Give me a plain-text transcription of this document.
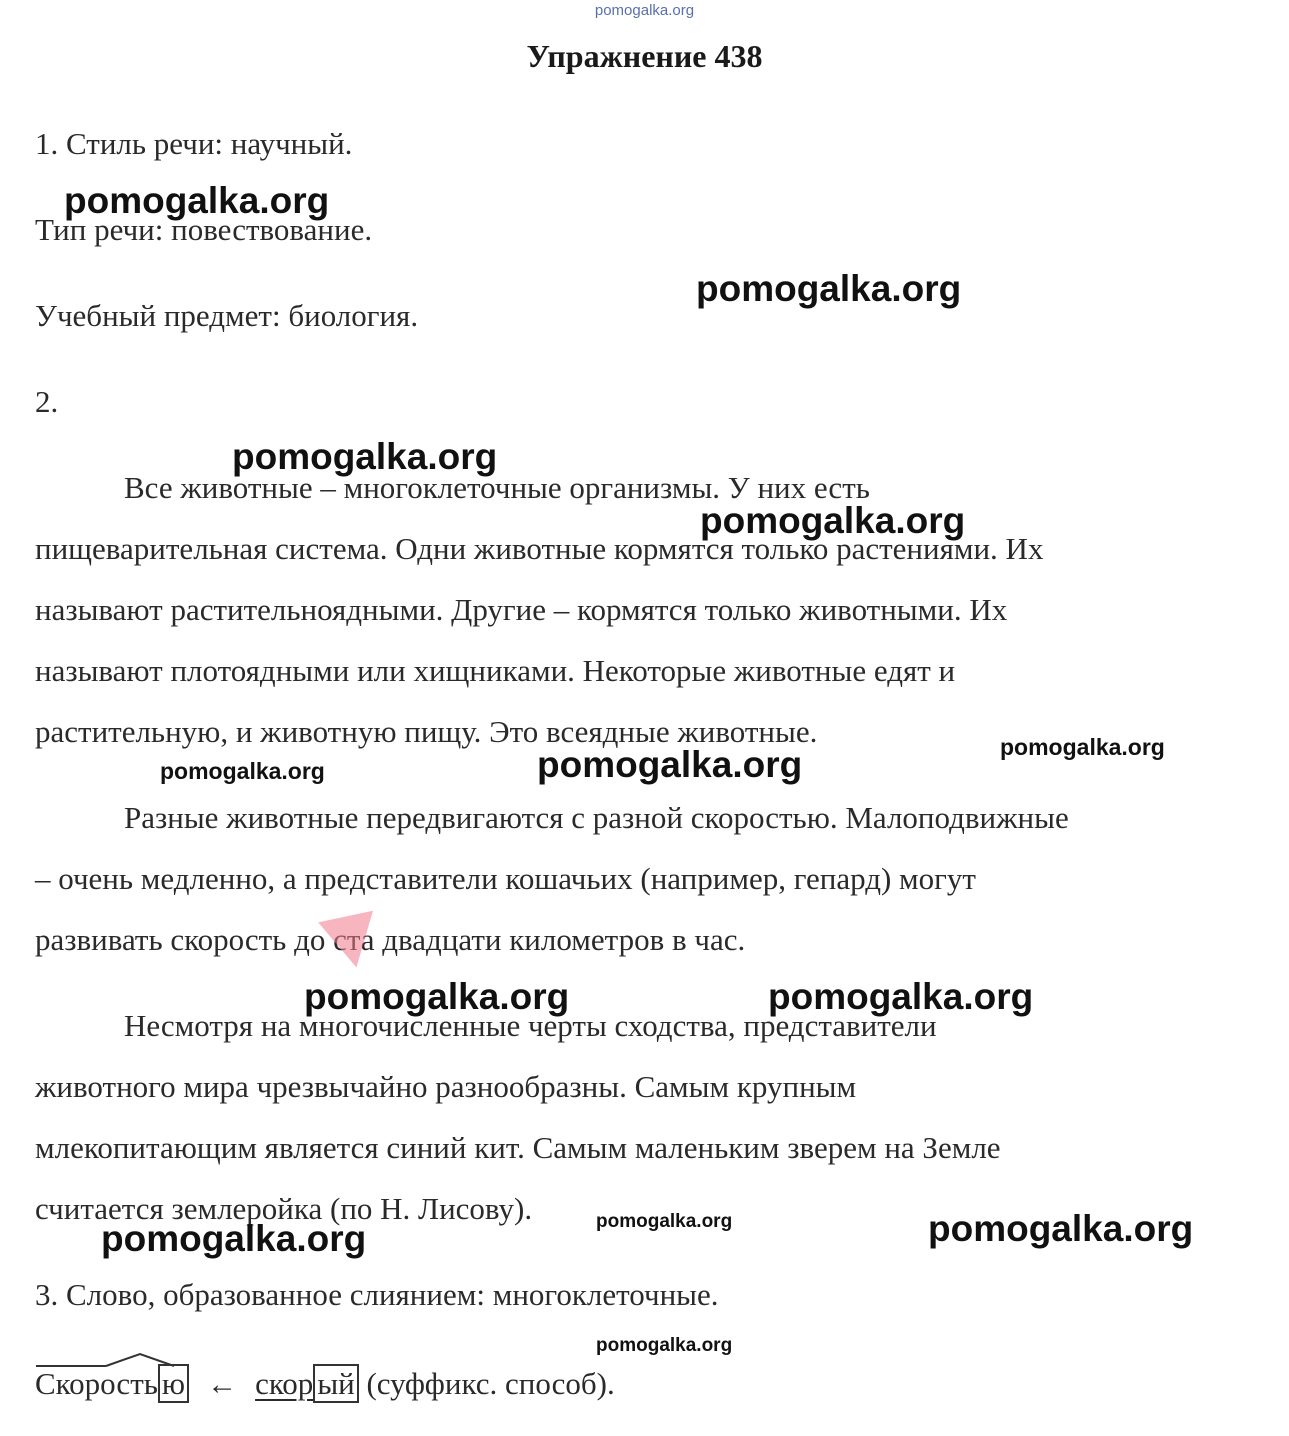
pomogalka.org
Упражнение 438
1. Стиль речи: научный.
Тип речи: повествование.
Учебный предмет: биология.
2.
Все животные – многоклеточные организмы. У них есть
пищеварительная система. Одни животные кормятся только растениями. Их
называют растительноядными. Другие – кормятся только животными. Их
называют плотоядными или хищниками. Некоторые животные едят и
растительную, и животную пищу. Это всеядные животные.
Разные животные передвигаются с разной скоростью. Малоподвижные
– очень медленно, а представители кошачьих (например, гепард) могут
развивать скорость до ста двадцати километров в час.
Несмотря на многочисленные черты сходства, представители
животного мира чрезвычайно разнообразны. Самым крупным
млекопитающим является синий кит. Самым маленьким зверем на Земле
считается землеройка (по Н. Лисову).
3. Слово, образованное слиянием: многоклеточные.
Скорость ю ← скор ый (суффикс. способ).
pomogalka.org
pomogalka.org
pomogalka.org
pomogalka.org
pomogalka.org
pomogalka.org	pomogalka.org
pomogalka.org	pomogalka.org
pomogalka.org	pomogalka.org
pomogalka.org
pomogalka.org
